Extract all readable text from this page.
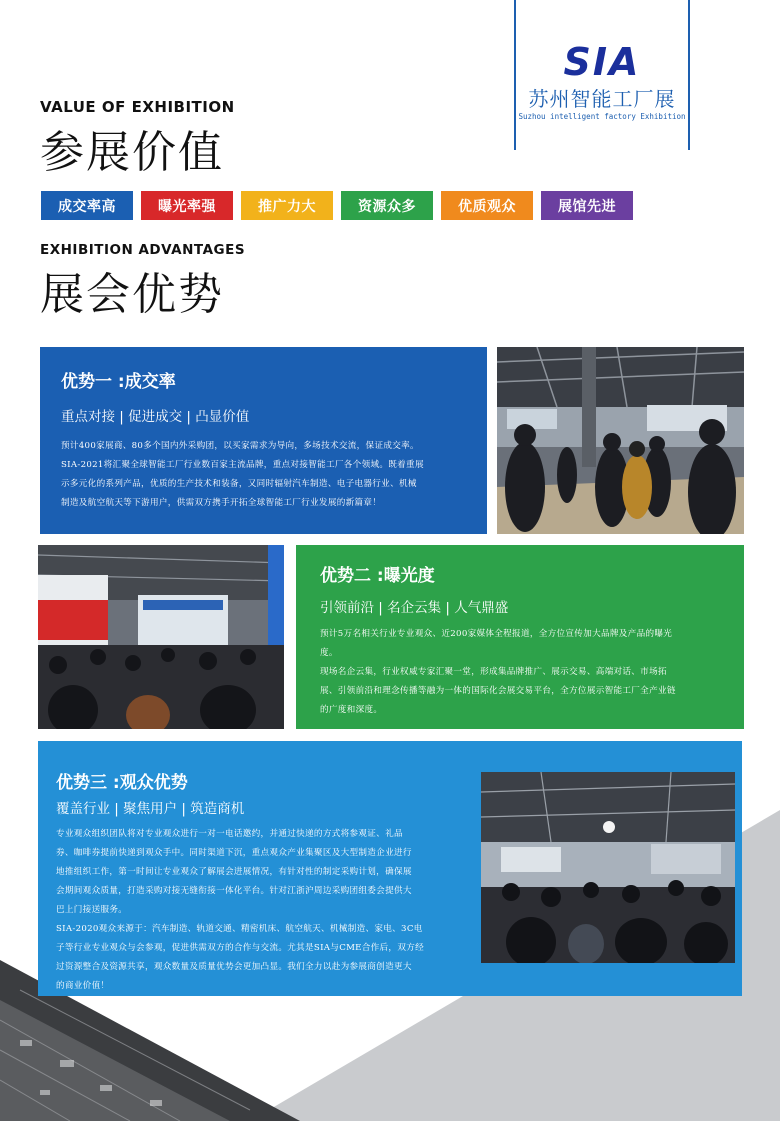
SIA
苏州智能工厂展
Suzhou intelligent factory Exhibition
VALUE OF EXHIBITION
参展价值
成交率高	曝光率强	推广力大	资源众多	优质观众	展馆先进
EXHIBITION ADVANTAGES
展会优势
优势一 :成交率
重点对接 | 促进成交 | 凸显价值
预计400家展商、80多个国内外采购团，以买家需求为导向，多场技术交流，保证成交率。
SIA-2021将汇聚全球智能工厂行业数百家主流品牌，重点对接智能工厂各个领域。既着重展
示多元化的系列产品，优质的生产技术和装备，又同时辐射汽车制造、电子电器行业、机械
制造及航空航天等下游用户，供需双方携手开拓全球智能工厂行业发展的新篇章！
优势二 :曝光度
引领前沿 | 名企云集 | 人气鼎盛
预计5万名相关行业专业观众、近200家媒体全程报道，全方位宣传加大品牌及产品的曝光
度。
现场名企云集，行业权威专家汇聚一堂，形成集品牌推广、展示交易、高端对话、市场拓
展、引领前沿和理念传播等融为一体的国际化会展交易平台，全方位展示智能工厂全产业链
的广度和深度。
优势三 :观众优势
覆盖行业 | 聚焦用户 | 筑造商机
专业观众组织团队将对专业观众进行一对一电话邀约，并通过快递的方式将参观证、礼品
券、咖啡券提前快递到观众手中。同时渠道下沉，重点观众产业集聚区及大型制造企业进行
地推组织工作，第一时间让专业观众了解展会进展情况，有针对性的制定采购计划，确保展
会期间观众质量，打造采购对接无缝衔接一体化平台。针对江浙沪周边采购团组委会提供大
巴上门接送服务。
SIA-2020观众来源于：汽车制造、轨道交通、精密机床、航空航天、机械制造、家电、3C电
子等行业专业观众与会参观，促进供需双方的合作与交流。尤其是SIA与CME合作后，双方经
过资源整合及资源共享，观众数量及质量优势会更加凸显。我们全力以赴为参展商创造更大
的商业价值！
